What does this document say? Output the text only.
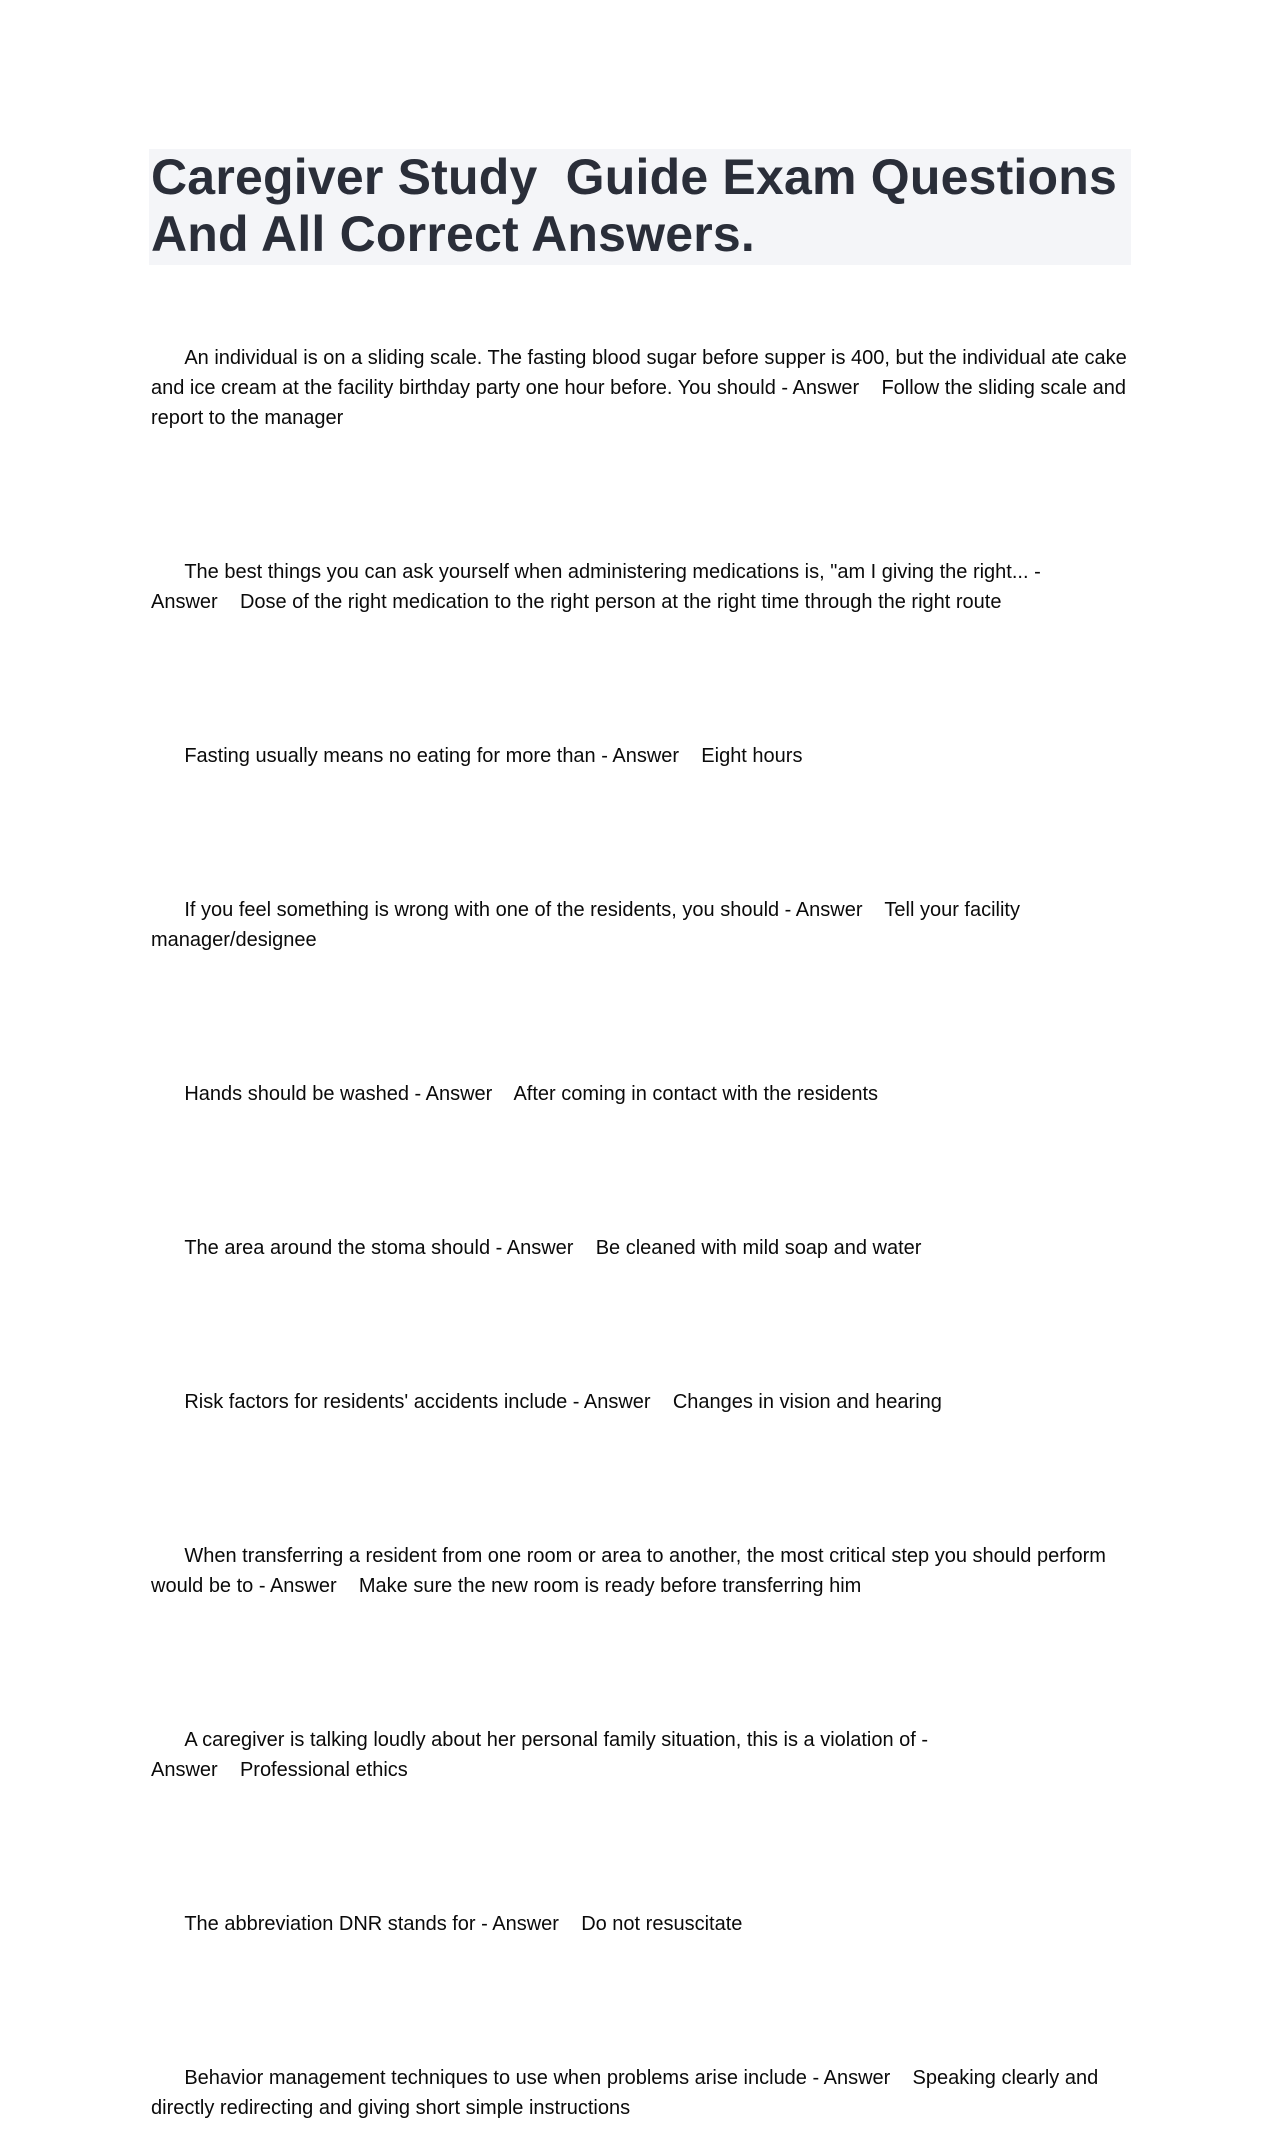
Caregiver Study  Guide Exam Questions
And All Correct Answers.

An individual is on a sliding scale. The fasting blood sugar before supper is 400, but the individual ate cake and ice cream at the facility birthday party one hour before. You should - Answer Follow the sliding scale and report to the manager

The best things you can ask yourself when administering medications is, "am I giving the right... - Answer Dose of the right medication to the right person at the right time through the right route

Fasting usually means no eating for more than - Answer Eight hours

If you feel something is wrong with one of the residents, you should - Answer Tell your facility manager/designee

Hands should be washed - Answer After coming in contact with the residents

The area around the stoma should - Answer Be cleaned with mild soap and water

Risk factors for residents' accidents include - Answer Changes in vision and hearing

When transferring a resident from one room or area to another, the most critical step you should perform would be to - Answer Make sure the new room is ready before transferring him

A caregiver is talking loudly about her personal family situation, this is a violation of - Answer Professional ethics

The abbreviation DNR stands for - Answer Do not resuscitate

Behavior management techniques to use when problems arise include - Answer Speaking clearly and directly redirecting and giving short simple instructions
